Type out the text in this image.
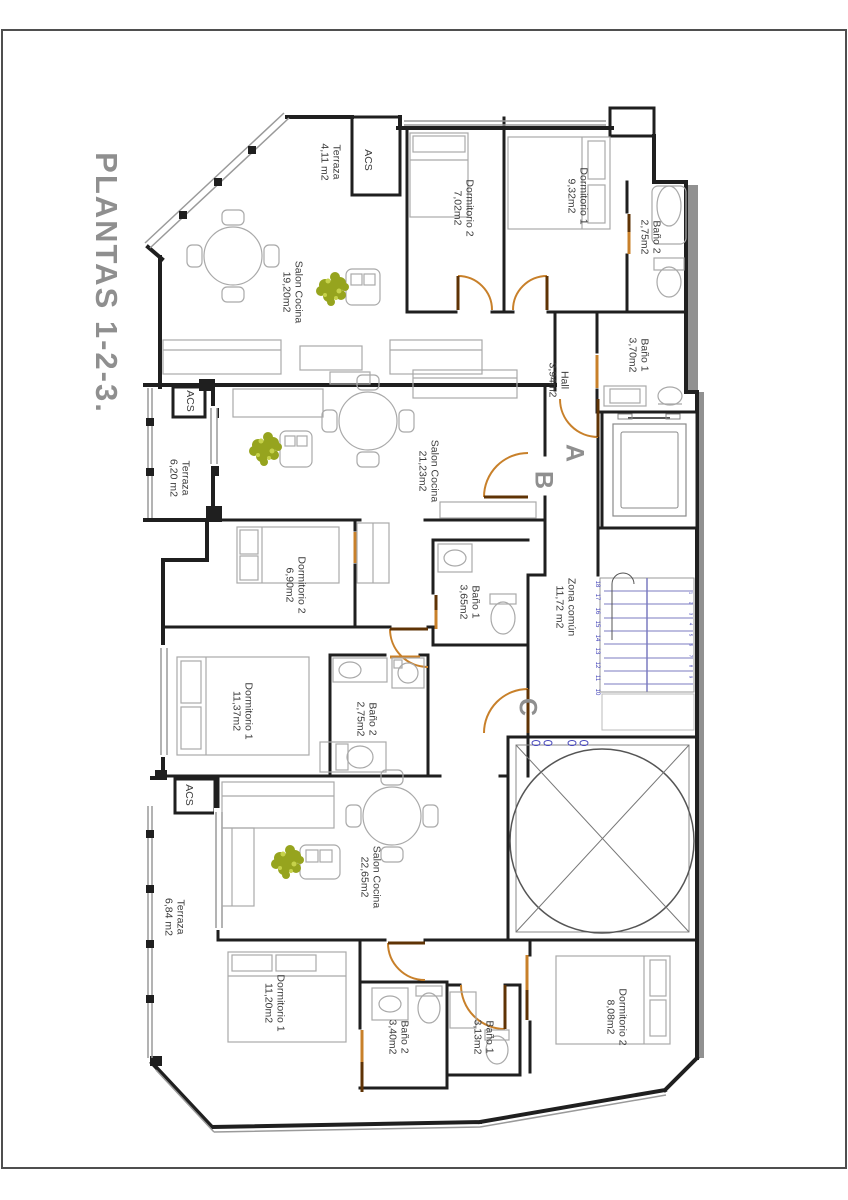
PLANTAS 1-2-3.
A
B
C
Terraza
4,11 m2	ACS
Dormitorio 2
7,02m2	Dormitorio 1
9,32m2
Baño 2
2,75m2
Salon Cocina
19,20m2
Baño 1
3,70m2
Hall
3,94m2
Salon Cocina
21,23m2
ACS
Terraza
6,20 m2
Dormitorio 2
6,90m2	Baño 1
3,65m2	Zona común
11,72 m2
Dormitorio 1
11,37m2	Baño 2
2,75m2
Salon Cocina
22,65m2
ACS
Terraza
6,84 m2
Dormitorio 1
11,20m2
Baño 2
3,40m2	Baño 1
3,13m2	Dormitorio 2
8,08m2
18
17
16
15
14
13
12
11
10
1
2
3
4
5
6
7
8
9
